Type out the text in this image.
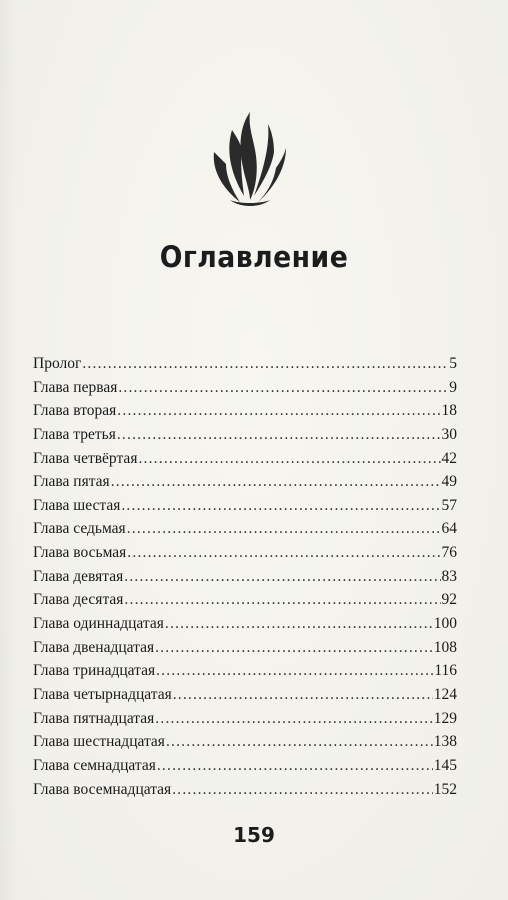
Оглавление
Пролог .....	5
Глава первая .....	9
Глава вторая .....	18
Глава третья .....	30
Глава четвёртая .....	42
Глава пятая .....	49
Глава шестая .....	57
Глава седьмая .....	64
Глава восьмая .....	76
Глава девятая .....	83
Глава десятая .....	92
Глава одиннадцатая .....	100
Глава двенадцатая .....	108
Глава тринадцатая .....	116
Глава четырнадцатая .....	124
Глава пятнадцатая .....	129
Глава шестнадцатая .....	138
Глава семнадцатая .....	145
Глава восемнадцатая .....	152
159
